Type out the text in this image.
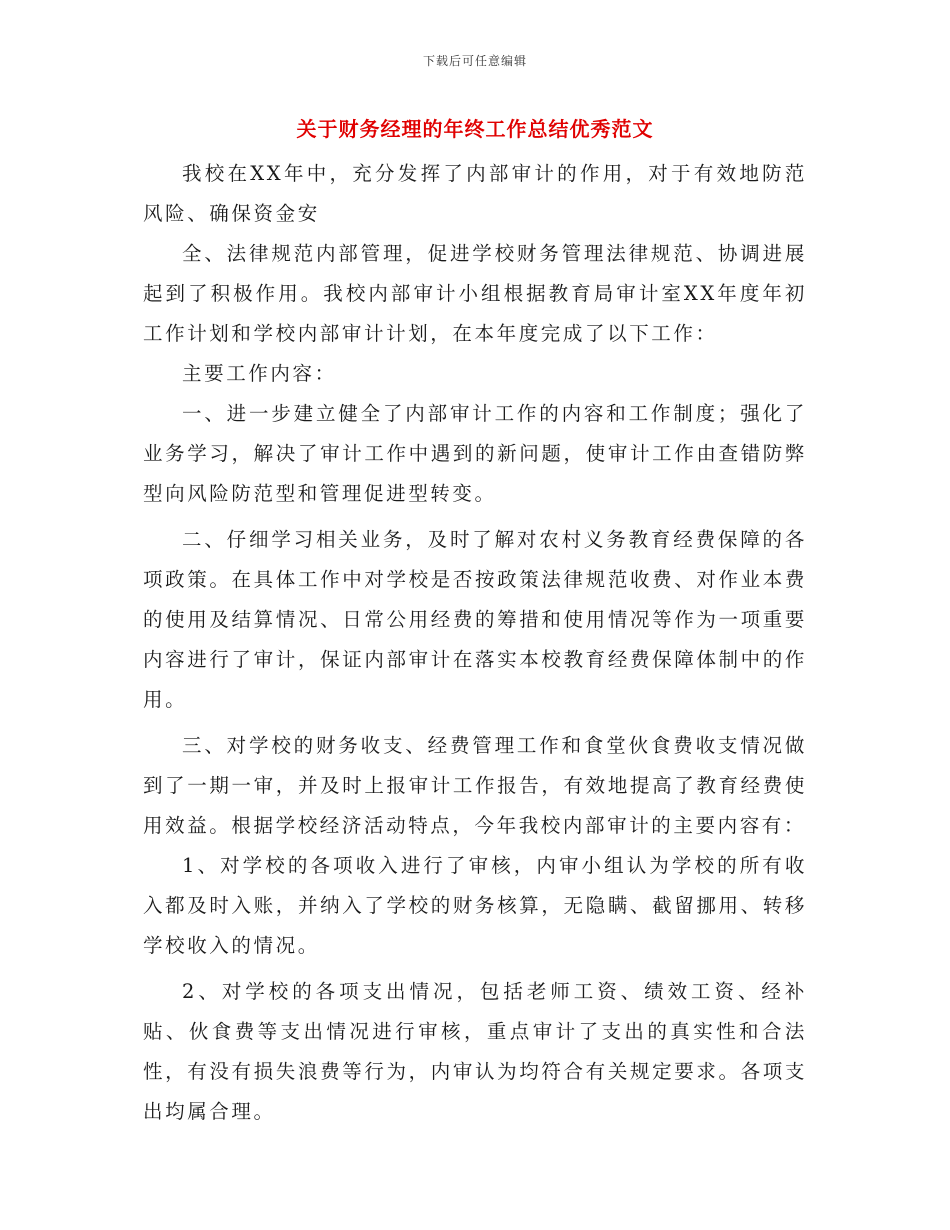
下载后可任意编辑
关于财务经理的年终工作总结优秀范文

我校在XX年中，充分发挥了内部审计的作用，对于有效地防范风险、确保资金安

全、法律规范内部管理，促进学校财务管理法律规范、协调进展起到了积极作用。我校内部审计小组根据教育局审计室XX年度年初工作计划和学校内部审计计划，在本年度完成了以下工作：

主要工作内容：

一、进一步建立健全了内部审计工作的内容和工作制度；强化了业务学习，解决了审计工作中遇到的新问题，使审计工作由查错防弊型向风险防范型和管理促进型转变。

二、仔细学习相关业务，及时了解对农村义务教育经费保障的各项政策。在具体工作中对学校是否按政策法律规范收费、对作业本费的使用及结算情况、日常公用经费的筹措和使用情况等作为一项重要内容进行了审计，保证内部审计在落实本校教育经费保障体制中的作用。

三、对学校的财务收支、经费管理工作和食堂伙食费收支情况做到了一期一审，并及时上报审计工作报告，有效地提高了教育经费使用效益。根据学校经济活动特点，今年我校内部审计的主要内容有：

1、对学校的各项收入进行了审核，内审小组认为学校的所有收入都及时入账，并纳入了学校的财务核算，无隐瞒、截留挪用、转移学校收入的情况。

2、对学校的各项支出情况，包括老师工资、绩效工资、经补贴、伙食费等支出情况进行审核，重点审计了支出的真实性和合法性，有没有损失浪费等行为，内审认为均符合有关规定要求。各项支出均属合理。
